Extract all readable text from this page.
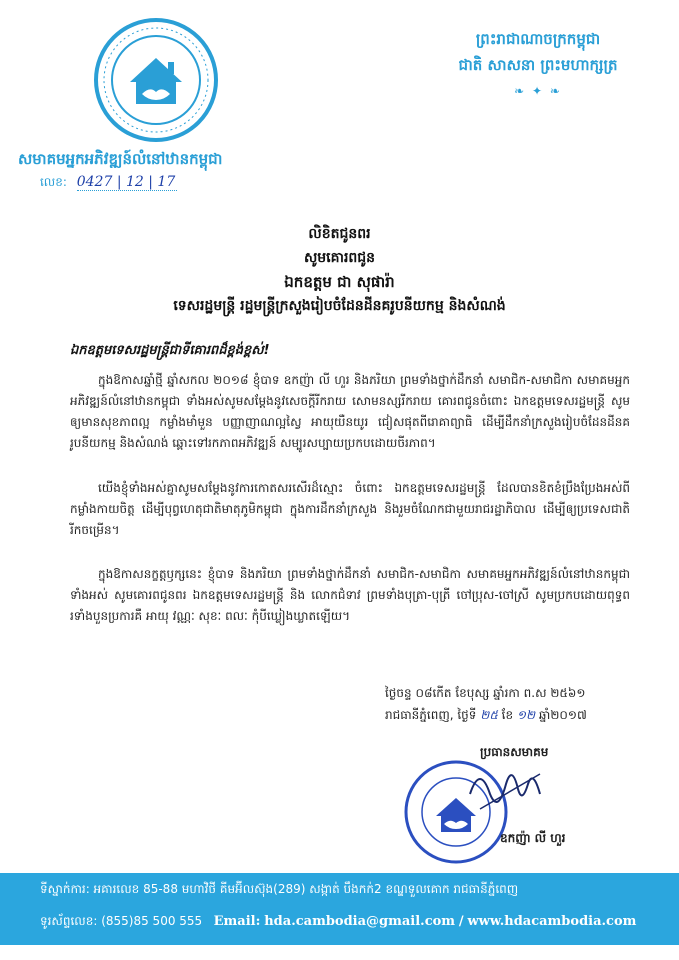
សមាគមអ្នកអភិវឌ្ឍន៍លំនៅឋានកម្ពុជា
លេខ: 0427 | 12 | 17
ព្រះរាជាណាចក្រកម្ពុជា
ជាតិ សាសនា ព្រះមហាក្សត្រ
❧ ✦ ❧
លិខិតជូនពរ
សូមគោរពជូន
ឯកឧត្តម ជា សុផារ៉ា
ទេសរដ្ឋមន្ត្រី រដ្ឋមន្ត្រីក្រសួងរៀបចំដែនដីនគរូបនីយកម្ម និងសំណង់
ឯកឧត្តមទេសរដ្ឋមន្ត្រីជាទីគោរពដ៏ខ្ពង់ខ្ពស់!
ក្នុងឱកាសឆ្នាំថ្មី ឆ្នាំសកល ២០១៨ ខ្ញុំបាទ ឧកញ៉ា លី ហួរ និងភរិយា ព្រមទាំងថ្នាក់ដឹកនាំ សមាជិក-សមាជិកា សមាគមអ្នកអភិវឌ្ឍន៍លំនៅឋានកម្ពុជា ទាំងអស់សូមសម្ដែងនូវសេចក្ដីរីករាយ សោមនស្សរីករាយ គោរពជូនចំពោះ ឯកឧត្តមទេសរដ្ឋមន្ត្រី សូមឲ្យមានសុខភាពល្អ កម្លាំងមាំមួន បញ្ញាញាណល្អស្វៃ អាយុយឺនយូរ ជៀសផុតពីរោគាព្យាធិ ដើម្បីដឹកនាំក្រសួងរៀបចំដែនដីនគរូបនីយកម្ម និងសំណង់ ឆ្ពោះទៅរកភាពអភិវឌ្ឍន៍ សម្បូរសប្បាយប្រកបដោយចីរភាព។
យើងខ្ញុំទាំងអស់គ្នាសូមសម្ដែងនូវការកោតសរសើរដ៏ស្មោះ ចំពោះ ឯកឧត្តមទេសរដ្ឋមន្ត្រី ដែលបានខិតខំប្រឹងប្រែងអស់ពីកម្លាំងកាយចិត្ត ដើម្បីបុព្វហេតុជាតិមាតុភូមិកម្ពុជា ក្នុងការដឹកនាំក្រសួង និងរួមចំណែកជាមួយរាជរដ្ឋាភិបាល ដើម្បីឲ្យប្រទេសជាតិរីកចម្រើន។
ក្នុងឱកាសនក្ខត្តឫក្សនេះ ខ្ញុំបាទ និងភរិយា ព្រមទាំងថ្នាក់ដឹកនាំ សមាជិក-សមាជិកា សមាគមអ្នកអភិវឌ្ឍន៍លំនៅឋានកម្ពុជាទាំងអស់ សូមគោរពជូនពរ ឯកឧត្តមទេសរដ្ឋមន្ត្រី និង លោកជំទាវ ព្រមទាំងបុត្រា-បុត្រី ចៅប្រុស-ចៅស្រី សូមប្រកបដោយពុទ្ធពរទាំងបួនប្រការគឺ អាយុ វណ្ណៈ សុខៈ ពលៈ កុំបីឃ្លៀងឃ្លាតឡើយ។
ថ្ងៃចន្ទ ០៨កើត ខែបុស្ស ឆ្នាំរកា ព.ស ២៥៦១
រាជធានីភ្នំពេញ, ថ្ងៃទី ២៥ ខែ ១២ ឆ្នាំ២០១៧
ប្រធានសមាគម
ឧកញ៉ា លី ហួរ
ទីស្នាក់ការ: អគារលេខ 85-88 មហាវិថី គីមអ៊ីលស៊ុង(289) សង្កាត់ បឹងកក់2 ខណ្ឌទួលគោក រាជធានីភ្នំពេញ
ទូរស័ព្ទលេខ: (855)85 500 555 Email: hda.cambodia@gmail.com / www.hdacambodia.com
